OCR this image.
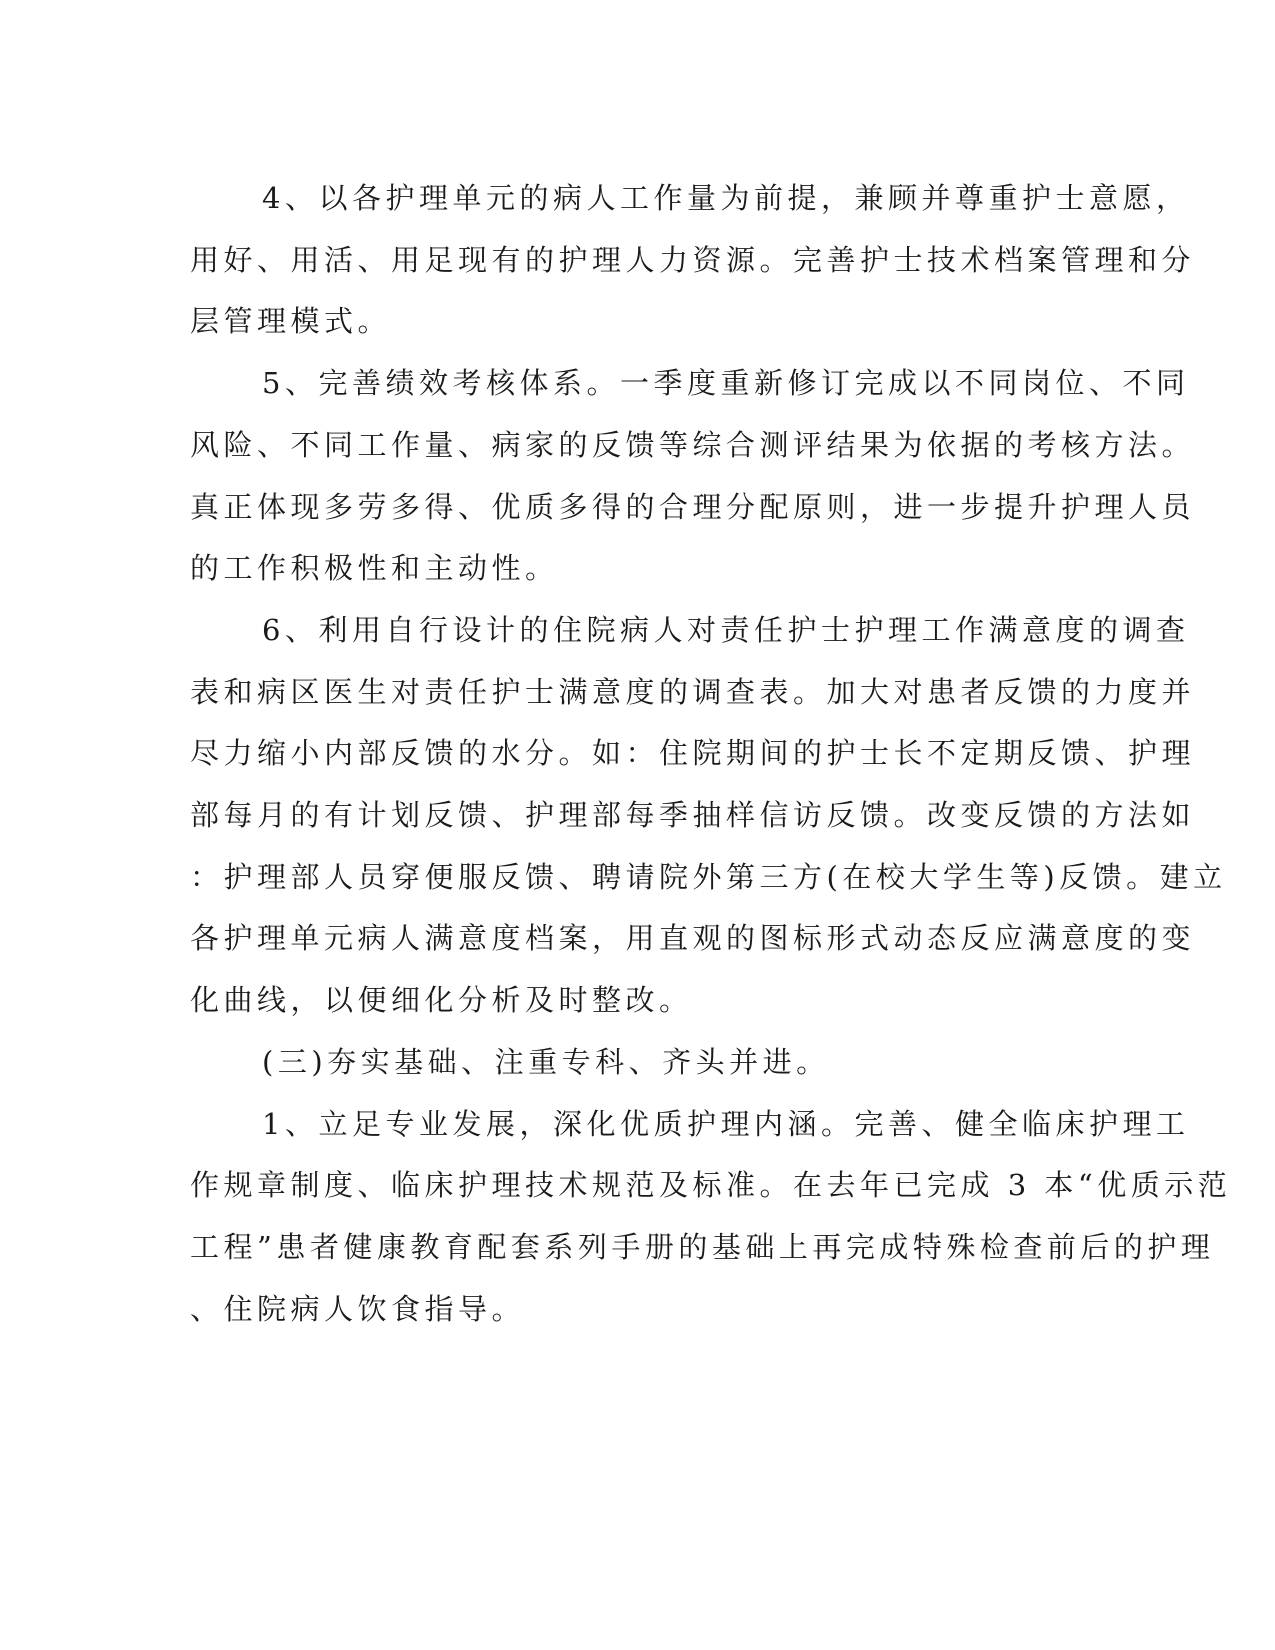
4、以各护理单元的病人工作量为前提，兼顾并尊重护士意愿，
用好、用活、用足现有的护理人力资源。完善护士技术档案管理和分
层管理模式。

5、完善绩效考核体系。一季度重新修订完成以不同岗位、不同
风险、不同工作量、病家的反馈等综合测评结果为依据的考核方法。
真正体现多劳多得、优质多得的合理分配原则，进一步提升护理人员
的工作积极性和主动性。

6、利用自行设计的住院病人对责任护士护理工作满意度的调查
表和病区医生对责任护士满意度的调查表。加大对患者反馈的力度并
尽力缩小内部反馈的水分。如：住院期间的护士长不定期反馈、护理
部每月的有计划反馈、护理部每季抽样信访反馈。改变反馈的方法如
：护理部人员穿便服反馈、聘请院外第三方(在校大学生等)反馈。建立
各护理单元病人满意度档案，用直观的图标形式动态反应满意度的变
化曲线，以便细化分析及时整改。

(三)夯实基础、注重专科、齐头并进。

1、立足专业发展，深化优质护理内涵。完善、健全临床护理工
作规章制度、临床护理技术规范及标准。在去年已完成 3 本“优质示范
工程”患者健康教育配套系列手册的基础上再完成特殊检查前后的护理
、住院病人饮食指导。
